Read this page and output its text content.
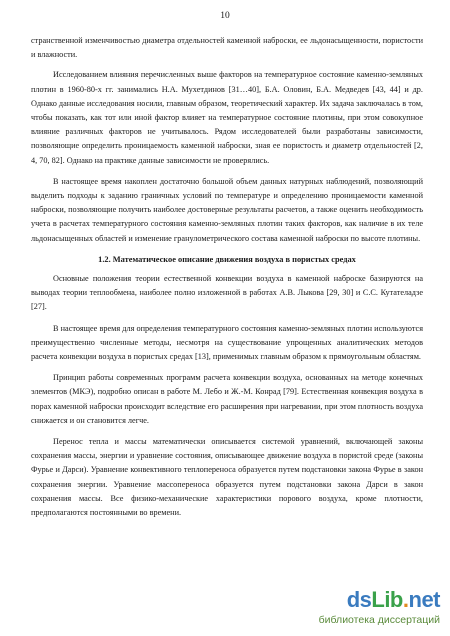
10

странственной изменчивостью диаметра отдельностей каменной наброски, ее льдонасыщенности, пористости и влажности.

Исследованием влияния перечисленных выше факторов на температурное состояние каменно-земляных плотин в 1960-80-х гг. занимались Н.А. Мухетдинов [31…40], Б.А. Оловин, Б.А. Медведев [43, 44] и др. Однако данные исследования носили, главным образом, теоретический характер. Их задача заключалась в том, чтобы показать, как тот или иной фактор влияет на температурное состояние плотины, при этом совокупное влияние различных факторов не учитывалось. Рядом исследователей были разработаны зависимости, позволяющие определить проницаемость каменной наброски, зная ее пористость и диаметр отдельностей [2, 4, 70, 82]. Однако на практике данные зависимости не проверялись.

В настоящее время накоплен достаточно большой объем данных натурных наблюдений, позволяющий выделить подходы к заданию граничных условий по температуре и определению проницаемости каменной наброски, позволяющие получить наиболее достоверные результаты расчетов, а также оценить необходимость учета в расчетах температурного состояния каменно-земляных плотин таких факторов, как наличие в их теле льдонасыщенных областей и изменение гранулометрического состава каменной наброски по высоте плотины.

1.2. Математическое описание движения воздуха в пористых средах

Основные положения теории естественной конвекции воздуха в каменной наброске базируются на выводах теории теплообмена, наиболее полно изложенной в работах А.В. Лыкова [29, 30] и С.С. Кутателадзе [27].

В настоящее время для определения температурного состояния каменно-земляных плотин используются преимущественно численные методы, несмотря на существование упрощенных аналитических методов расчета конвекции воздуха в пористых средах [13], применимых главным образом к прямоугольным областям.

Принцип работы современных программ расчета конвекции воздуха, основанных на методе конечных элементов (МКЭ), подробно описан в работе М. Лебо и Ж.-М. Конрад [79]. Естественная конвекция воздуха в порах каменной наброски происходит вследствие его расширения при нагревании, при этом плотность воздуха снижается и он становится легче.

Перенос тепла и массы математически описывается системой уравнений, включающей законы сохранения массы, энергии и уравнение состояния, описывающее движение воздуха в пористой среде (законы Фурье и Дарси). Уравнение конвективного теплопереноса образуется путем подстановки закона Фурье в закон сохранения энергии. Уравнение массопереноса образуется путем подстановки закона Дарси в закон сохранения массы. Все физико-механические характеристики порового воздуха, кроме плотности, предполагаются постоянными во времени.

dsLib.net
библиотека диссертаций
